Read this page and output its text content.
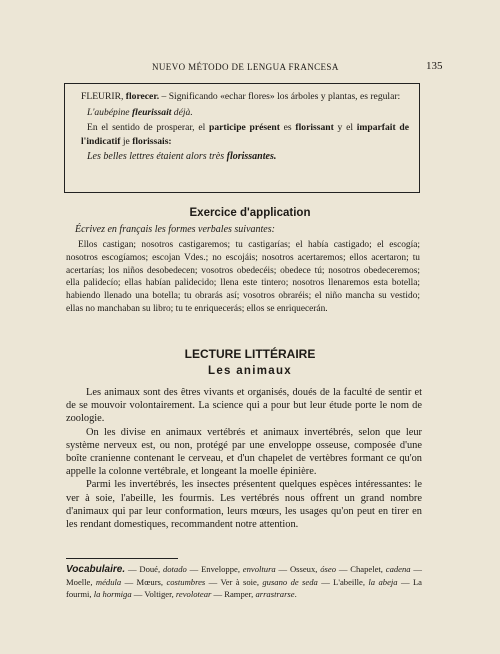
NUEVO MÉTODO DE LENGUA FRANCESA	135

FLEURIR, florecer. – Significando «echar flores» los árboles y plantas, es regular:

L'aubépine fleurissait déjà.

En el sentido de prosperar, el participe présent es florissant y el imparfait de l'indicatif je florissais:

Les belles lettres étaient alors très florissantes.

Exercice d'application
Écrivez en français les formes verbales suivantes:

Ellos castigan; nosotros castigaremos; tu castigarías; el había castigado; el escogía; nosotros escogíamos; escojan Vdes.; no escojáis; nosotros acertaremos; ellos acertaron; tu acertarías; los niños desobedecen; vosotros obedecéis; obedece tú; nosotros obedeceremos; ella palidecío; ellas habían palidecido; llena este tintero; nosotros llenaremos esta botella; habiendo llenado una botella; tu obrarás así; vosotros obraréis; el niño mancha su vestido; ellas no manchaban su libro; tu te enriquecerás; ellos se enriquecerán.

LECTURE LITTÉRAIRE
Les animaux

Les animaux sont des êtres vivants et organisés, doués de la faculté de sentir et de se mouvoir volontairement. La science qui a pour but leur étude porte le nom de zoologie.

On les divise en animaux vertébrés et animaux invertébrés, selon que leur système nerveux est, ou non, protégé par une enveloppe osseuse, composée d'une boîte cranienne contenant le cerveau, et d'un chapelet de vertèbres formant ce qu'on appelle la colonne vertébrale, et longeant la moelle épinière.

Parmi les invertébrés, les insectes présentent quelques espèces intéressantes: le ver à soie, l'abeille, les fourmis. Les vertébrés nous offrent un grand nombre d'animaux qui par leur conformation, leurs mœurs, les usages qu'on peut en tirer en les rendant domestiques, recommandent notre attention.

Vocabulaire. — Doué, dotado — Enveloppe, envoltura — Osseux, óseo — Chapelet, cadena — Moelle, médula — Mœurs, costumbres — Ver à soie, gusano de seda — L'abeille, la abeja — La fourmi, la hormiga — Voltiger, revolotear — Ramper, arrastrarse.
